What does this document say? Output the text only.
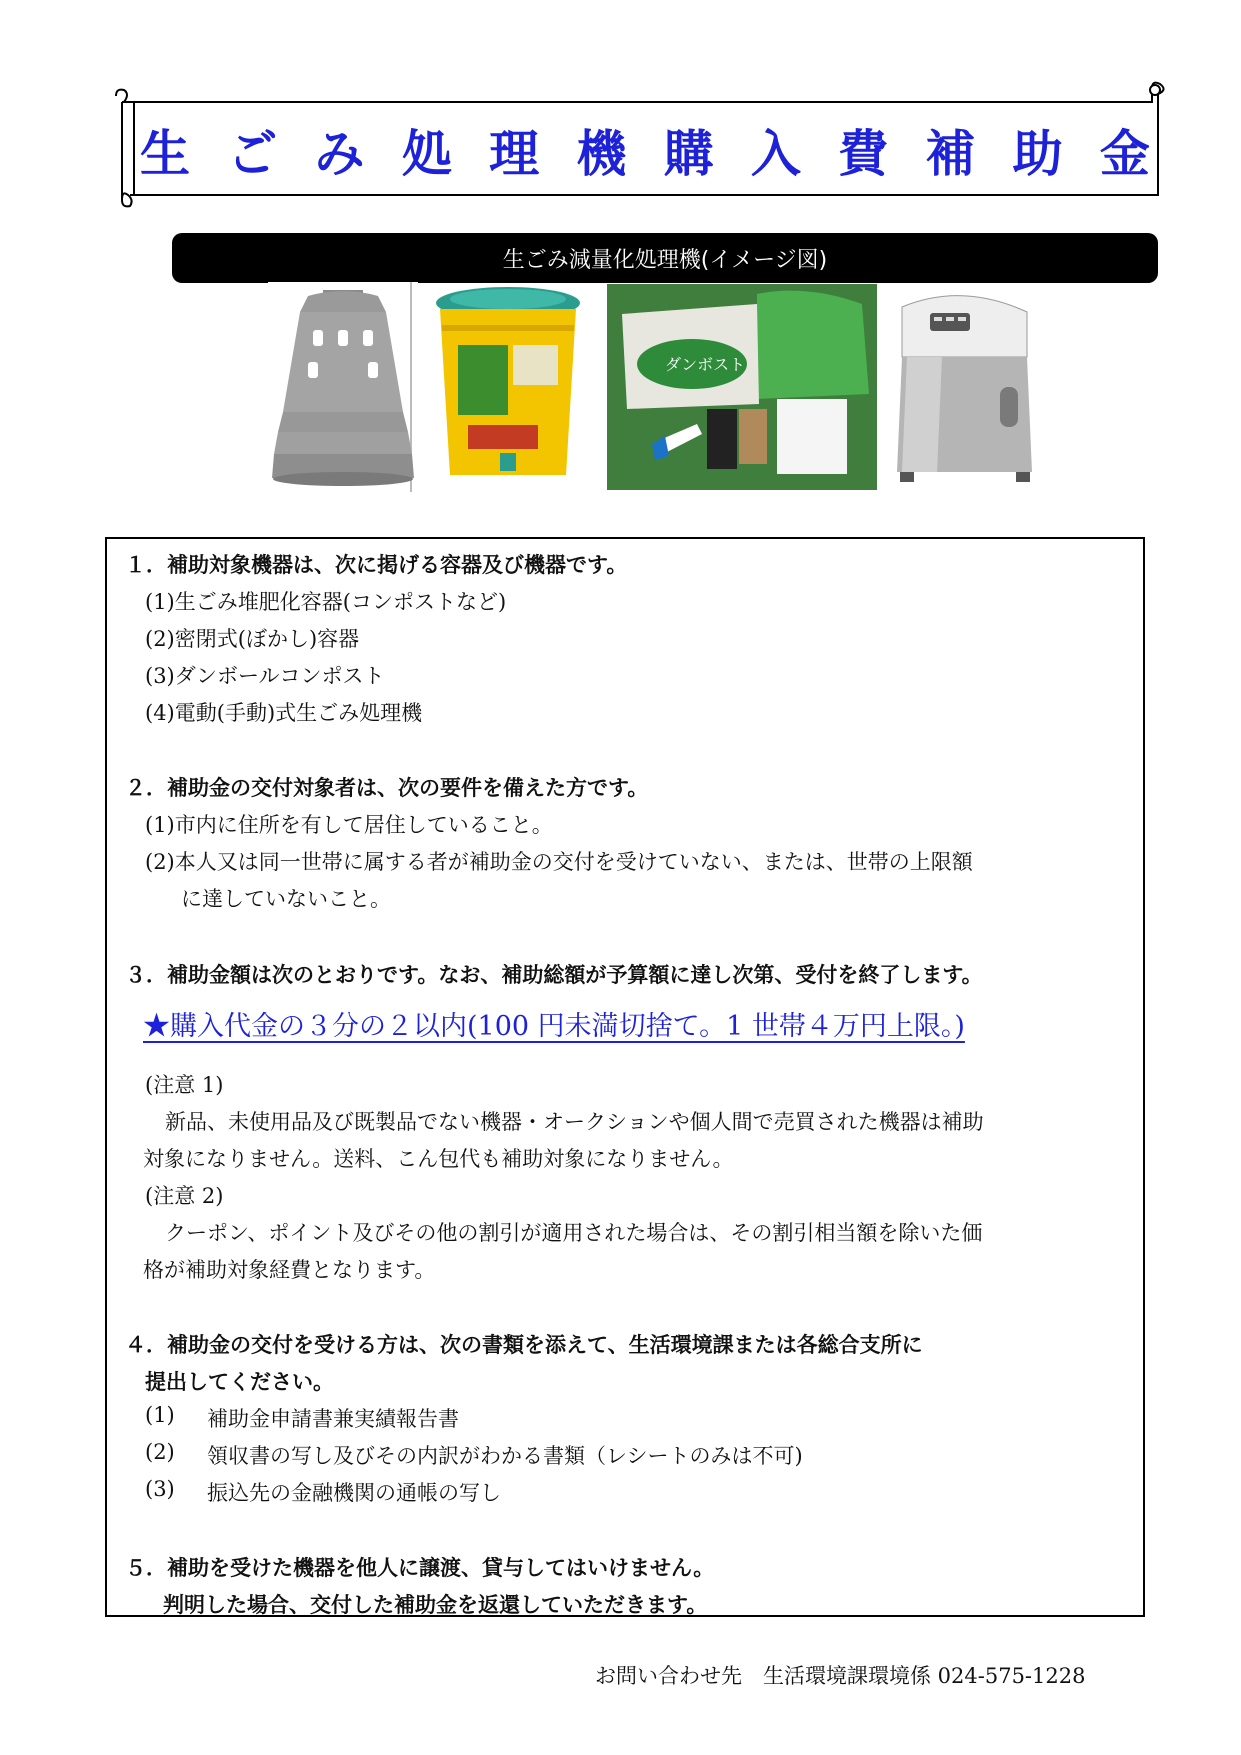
生 ご み 処 理 機 購 入 費 補 助 金
生ごみ減量化処理機(イメージ図)
ダンボスト
１．補助対象機器は、次に掲げる容器及び機器です。
(1)生ごみ堆肥化容器(コンポストなど)
(2)密閉式(ぼかし)容器
(3)ダンボールコンポスト
(4)電動(手動)式生ごみ処理機
２．補助金の交付対象者は、次の要件を備えた方です。
(1)市内に住所を有して居住していること。
(2)本人又は同一世帯に属する者が補助金の交付を受けていない、または、世帯の上限額
に達していないこと。
３．補助金額は次のとおりです。なお、補助総額が予算額に達し次第、受付を終了します。
★購入代金の３分の２以内(100 円未満切捨て。1 世帯４万円上限。)
(注意 1)
新品、未使用品及び既製品でない機器・オークションや個人間で売買された機器は補助
対象になりません。送料、こん包代も補助対象になりません。
(注意 2)
クーポン、ポイント及びその他の割引が適用された場合は、その割引相当額を除いた価
格が補助対象経費となります。
４．補助金の交付を受ける方は、次の書類を添えて、生活環境課または各総合支所に
提出してください。
(1) 補助金申請書兼実績報告書
(2) 領収書の写し及びその内訳がわかる書類（レシートのみは不可)
(3) 振込先の金融機関の通帳の写し
５．補助を受けた機器を他人に譲渡、貸与してはいけません。
判明した場合、交付した補助金を返還していただきます。
お問い合わせ先　生活環境課環境係 024-575-1228
